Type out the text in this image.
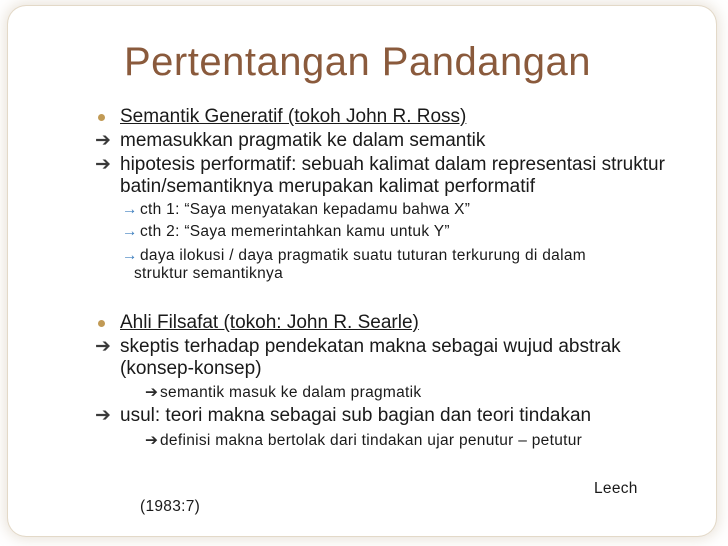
Pertentangan Pandangan
Semantik Generatif (tokoh John R. Ross)
➔ memasukkan pragmatik ke dalam semantik
➔ hipotesis performatif: sebuah kalimat dalam representasi struktur
batin/semantiknya merupakan kalimat performatif
→ cth 1: “Saya menyatakan kepadamu bahwa X”
→ cth 2: “Saya memerintahkan kamu untuk Y”
→ daya ilokusi / daya pragmatik suatu tuturan terkurung di dalam
struktur semantiknya
Ahli Filsafat (tokoh: John R. Searle)
➔ skeptis terhadap pendekatan makna sebagai wujud abstrak
(konsep-konsep)
➔ semantik masuk ke dalam pragmatik
➔ usul: teori makna sebagai sub bagian dan teori tindakan
➔ definisi makna bertolak dari tindakan ujar penutur – petutur
Leech
(1983:7)
